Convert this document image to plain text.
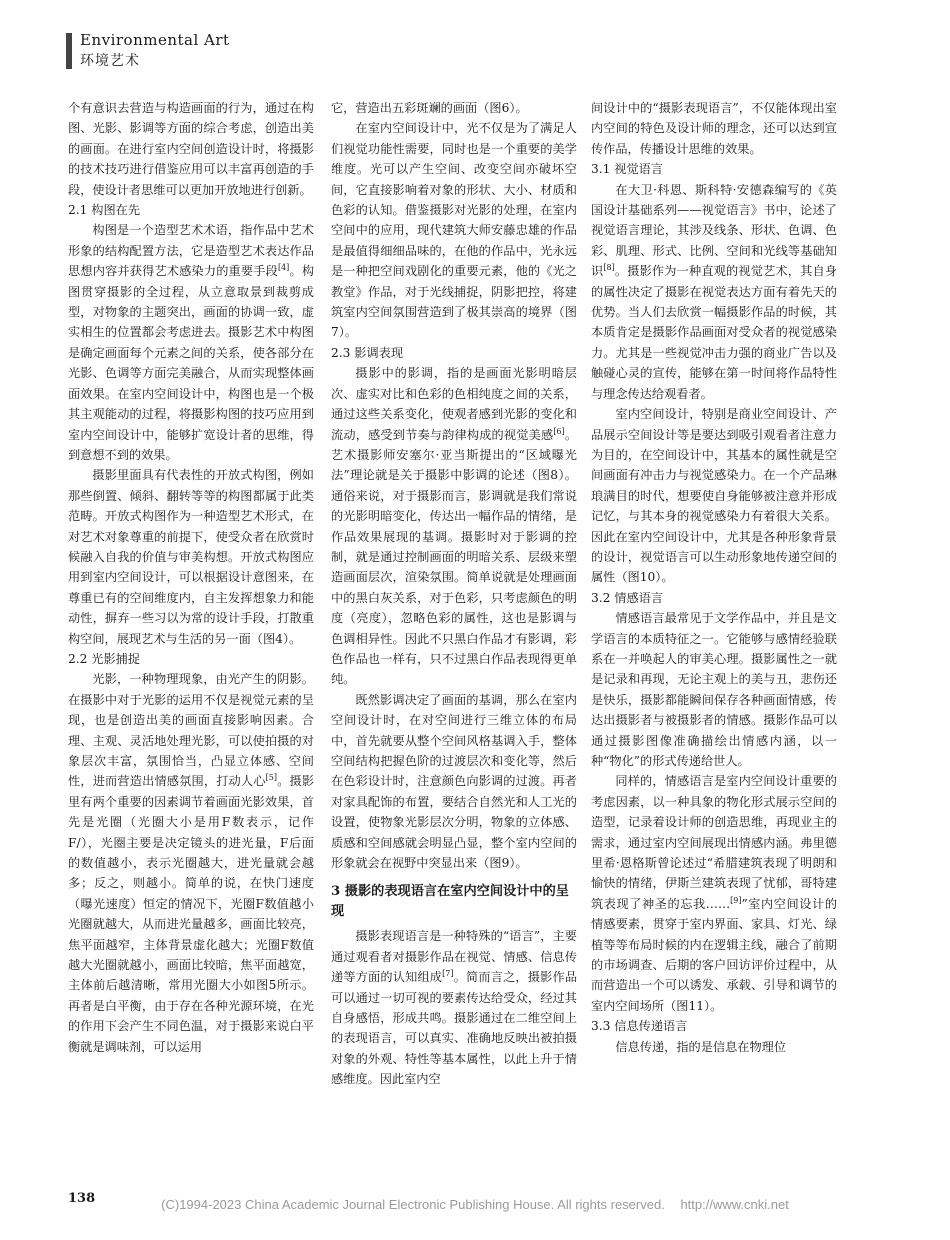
Environmental Art
环境艺术

个有意识去营造与构造画面的行为，通过在构图、光影、影调等方面的综合考虑，创造出美的画面。在进行室内空间创造设计时，将摄影的技术技巧进行借鉴应用可以丰富再创造的手段，使设计者思维可以更加开放地进行创新。

2.1 构图在先

构图是一个造型艺术术语，指作品中艺术形象的结构配置方法，它是造型艺术表达作品思想内容并获得艺术感染力的重要手段[4]。构图贯穿摄影的全过程，从立意取景到裁剪成型，对物象的主题突出，画面的协调一致，虚实相生的位置都会考虑进去。摄影艺术中构图是确定画面每个元素之间的关系，使各部分在光影、色调等方面完美融合，从而实现整体画面效果。在室内空间设计中，构图也是一个极其主观能动的过程，将摄影构图的技巧应用到室内空间设计中，能够扩宽设计者的思维，得到意想不到的效果。

摄影里面具有代表性的开放式构图，例如那些倒置、倾斜、翻转等等的构图都属于此类范畴。开放式构图作为一种造型艺术形式，在对艺术对象尊重的前提下，使受众者在欣赏时候融入自我的价值与审美构想。开放式构图应用到室内空间设计，可以根据设计意图来，在尊重已有的空间维度内，自主发挥想象力和能动性，摒弃一些习以为常的设计手段，打散重构空间，展现艺术与生活的另一面（图4）。

2.2 光影捕捉

光影，一种物理现象，由光产生的阴影。在摄影中对于光影的运用不仅是视觉元素的呈现，也是创造出美的画面直接影响因素。合理、主观、灵活地处理光影，可以使拍摄的对象层次丰富，氛围恰当，凸显立体感、空间性，进而营造出情感氛围，打动人心[5]。摄影里有两个重要的因素调节着画面光影效果，首先是光圈（光圈大小是用F数表示，记作F/），光圈主要是决定镜头的进光量，F后面的数值越小，表示光圈越大，进光量就会越多；反之，则越小。简单的说，在快门速度（曝光速度）恒定的情况下，光圈F数值越小光圈就越大，从而进光量越多，画面比较亮，焦平面越窄，主体背景虚化越大；光圈F数值越大光圈就越小，画面比较暗，焦平面越宽，主体前后越清晰，常用光圈大小如图5所示。再者是白平衡，由于存在各种光源环境，在光的作用下会产生不同色温，对于摄影来说白平衡就是调味剂，可以运用

它，营造出五彩斑斓的画面（图6）。

在室内空间设计中，光不仅是为了满足人们视觉功能性需要，同时也是一个重要的美学维度。光可以产生空间、改变空间亦破坏空间，它直接影响着对象的形状、大小、材质和色彩的认知。借鉴摄影对光影的处理，在室内空间中的应用，现代建筑大师安藤忠雄的作品是最值得细细品味的，在他的作品中，光永远是一种把空间戏剧化的重要元素，他的《光之教堂》作品，对于光线捕捉，阴影把控，将建筑室内空间氛围营造到了极其崇高的境界（图7）。

2.3 影调表现

摄影中的影调，指的是画面光影明暗层次、虚实对比和色彩的色相纯度之间的关系，通过这些关系变化，使观者感到光影的变化和流动，感受到节奏与韵律构成的视觉美感[6]。艺术摄影师安塞尔·亚当斯提出的“区域曝光法”理论就是关于摄影中影调的论述（图8）。通俗来说，对于摄影而言，影调就是我们常说的光影明暗变化，传达出一幅作品的情绪，是作品效果展现的基调。摄影时对于影调的控制，就是通过控制画面的明暗关系、层级来塑造画面层次，渲染氛围。简单说就是处理画面中的黑白灰关系，对于色彩，只考虑颜色的明度（亮度），忽略色彩的属性，这也是影调与色调相异性。因此不只黑白作品才有影调，彩色作品也一样有，只不过黑白作品表现得更单纯。

既然影调决定了画面的基调，那么在室内空间设计时，在对空间进行三维立体的布局中，首先就要从整个空间风格基调入手，整体空间结构把握色阶的过渡层次和变化等，然后在色彩设计时，注意颜色向影调的过渡。再者对家具配饰的布置，要结合自然光和人工光的设置，使物象光影层次分明，物象的立体感、质感和空间感就会明显凸显，整个室内空间的形象就会在视野中突显出来（图9）。

3 摄影的表现语言在室内空间设计中的呈现

摄影表现语言是一种特殊的“语言”，主要通过观看者对摄影作品在视觉、情感、信息传递等方面的认知组成[7]。简而言之，摄影作品可以通过一切可视的要素传达给受众，经过其自身感悟，形成共鸣。摄影通过在二维空间上的表现语言，可以真实、准确地反映出被拍摄对象的外观、特性等基本属性，以此上升于情感维度。因此室内空

间设计中的“摄影表现语言”，不仅能体现出室内空间的特色及设计师的理念，还可以达到宣传作品，传播设计思维的效果。

3.1 视觉语言

在大卫·科恩、斯科特·安德森编写的《英国设计基础系列——视觉语言》书中，论述了视觉语言理论，其涉及线条、形状、色调、色彩、肌理、形式、比例、空间和光线等基础知识[8]。摄影作为一种直观的视觉艺术，其自身的属性决定了摄影在视觉表达方面有着先天的优势。当人们去欣赏一幅摄影作品的时候，其本质肯定是摄影作品画面对受众者的视觉感染力。尤其是一些视觉冲击力强的商业广告以及触碰心灵的宣传，能够在第一时间将作品特性与理念传达给观看者。

室内空间设计，特别是商业空间设计、产品展示空间设计等是要达到吸引观看者注意力为目的，在空间设计中，其基本的属性就是空间画面有冲击力与视觉感染力。在一个产品琳琅满目的时代，想要使自身能够被注意并形成记忆，与其本身的视觉感染力有着很大关系。因此在室内空间设计中，尤其是各种形象背景的设计，视觉语言可以生动形象地传递空间的属性（图10）。

3.2 情感语言

情感语言最常见于文学作品中，并且是文学语言的本质特征之一。它能够与感情经验联系在一并唤起人的审美心理。摄影属性之一就是记录和再现，无论主观上的美与丑，悲伤还是快乐，摄影都能瞬间保存各种画面情感，传达出摄影者与被摄影者的情感。摄影作品可以通过摄影图像准确描绘出情感内涵，以一种“物化”的形式传递给世人。

同样的，情感语言是室内空间设计重要的考虑因素，以一种具象的物化形式展示空间的造型，记录着设计师的创造思维，再现业主的需求，通过室内空间展现出情感内涵。弗里德里希·恩格斯曾论述过“希腊建筑表现了明朗和愉快的情绪，伊斯兰建筑表现了忧郁，哥特建筑表现了神圣的忘我……[9]”室内空间设计的情感要素，贯穿于室内界面、家具、灯光、绿植等等布局时候的内在逻辑主线，融合了前期的市场调查、后期的客户回访评价过程中，从而营造出一个可以诱发、承载、引导和调节的室内空间场所（图11）。

3.3 信息传递语言

信息传递，指的是信息在物理位

138	(C)1994-2023 China Academic Journal Electronic Publishing House. All rights reserved. http://www.cnki.net
